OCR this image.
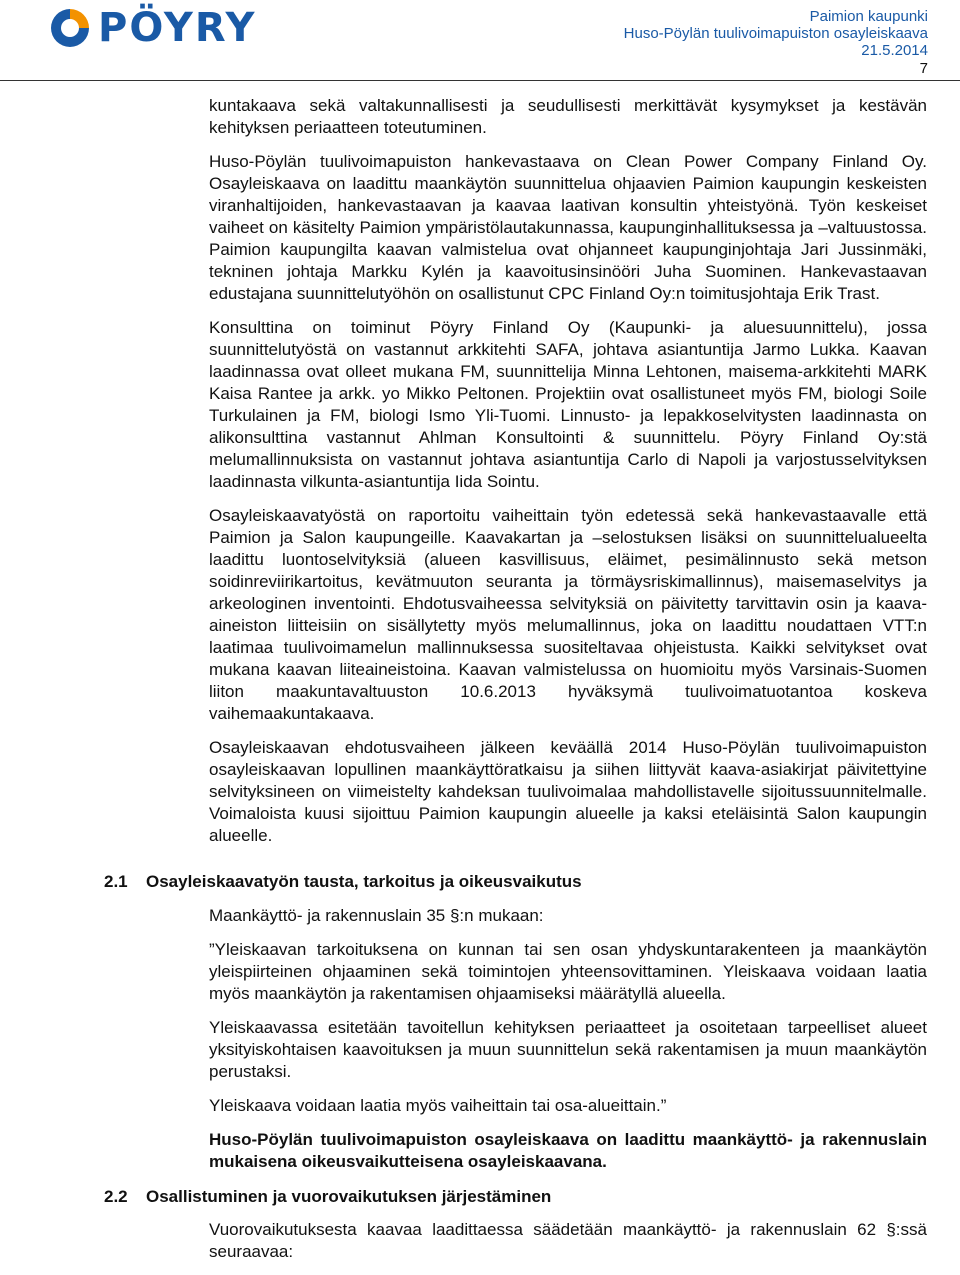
PÖYRY	Paimion kaupunki
Huso-Pöylän tuulivoimapuiston osayleiskaava
21.5.2014
7

kuntakaava sekä valtakunnallisesti ja seudullisesti merkittävät kysymykset ja kestävän kehityksen periaatteen toteutuminen.

Huso-Pöylän tuulivoimapuiston hankevastaava on Clean Power Company Finland Oy. Osayleiskaava on laadittu maankäytön suunnittelua ohjaavien Paimion kaupungin keskeisten viranhaltijoiden, hankevastaavan ja kaavaa laativan konsultin yhteistyönä. Työn keskeiset vaiheet on käsitelty Paimion ympäristölautakunnassa, kaupunginhallituksessa ja –valtuustossa. Paimion kaupungilta kaavan valmistelua ovat ohjanneet kaupunginjohtaja Jari Jussinmäki, tekninen johtaja Markku Kylén ja kaavoitusinsinööri Juha Suominen. Hankevastaavan edustajana suunnittelutyöhön on osallistunut CPC Finland Oy:n toimitusjohtaja Erik Trast.

Konsulttina on toiminut Pöyry Finland Oy (Kaupunki- ja aluesuunnittelu), jossa suunnittelutyöstä on vastannut arkkitehti SAFA, johtava asiantuntija Jarmo Lukka. Kaavan laadinnassa ovat olleet mukana FM, suunnittelija Minna Lehtonen, maisema-arkkitehti MARK Kaisa Rantee ja arkk. yo Mikko Peltonen. Projektiin ovat osallistuneet myös FM, biologi Soile Turkulainen ja FM, biologi Ismo Yli-Tuomi. Linnusto- ja lepakkoselvitysten laadinnasta on alikonsulttina vastannut Ahlman Konsultointi & suunnittelu. Pöyry Finland Oy:stä melumallinnuksista on vastannut johtava asiantuntija Carlo di Napoli ja varjostusselvityksen laadinnasta vilkunta-asiantuntija Iida Sointu.

Osayleiskaavatyöstä on raportoitu vaiheittain työn edetessä sekä hankevastaavalle että Paimion ja Salon kaupungeille. Kaavakartan ja –selostuksen lisäksi on suunnittelualueelta laadittu luontoselvityksiä (alueen kasvillisuus, eläimet, pesimälinnusto sekä metson soidinreviirikartoitus, kevätmuuton seuranta ja törmäysriskimallinnus), maisemaselvitys ja arkeologinen inventointi. Ehdotusvaiheessa selvityksiä on päivitetty tarvittavin osin ja kaava-aineiston liitteisiin on sisällytetty myös melumallinnus, joka on laadittu noudattaen VTT:n laatimaa tuulivoimamelun mallinnuksessa suositeltavaa ohjeistusta. Kaikki selvitykset ovat mukana kaavan liiteaineistoina. Kaavan valmistelussa on huomioitu myös Varsinais-Suomen liiton maakuntavaltuuston 10.6.2013 hyväksymä tuulivoimatuotantoa koskeva vaihemaakuntakaava.

Osayleiskaavan ehdotusvaiheen jälkeen keväällä 2014 Huso-Pöylän tuulivoimapuiston osayleiskaavan lopullinen maankäyttöratkaisu ja siihen liittyvät kaava-asiakirjat päivitettyine selvityksineen on viimeistelty kahdeksan tuulivoimalaa mahdollistavelle sijoitussuunnitelmalle. Voimaloista kuusi sijoittuu Paimion kaupungin alueelle ja kaksi eteläisintä Salon kaupungin alueelle.

2.1 Osayleiskaavatyön tausta, tarkoitus ja oikeusvaikutus

Maankäyttö- ja rakennuslain 35 §:n mukaan:

”Yleiskaavan tarkoituksena on kunnan tai sen osan yhdyskuntarakenteen ja maankäytön yleispiirteinen ohjaaminen sekä toimintojen yhteensovittaminen. Yleiskaava voidaan laatia myös maankäytön ja rakentamisen ohjaamiseksi määrätyllä alueella.

Yleiskaavassa esitetään tavoitellun kehityksen periaatteet ja osoitetaan tarpeelliset alueet yksityiskohtaisen kaavoituksen ja muun suunnittelun sekä rakentamisen ja muun maankäytön perustaksi.

Yleiskaava voidaan laatia myös vaiheittain tai osa-alueittain.”

Huso-Pöylän tuulivoimapuiston osayleiskaava on laadittu maankäyttö- ja rakennuslain mukaisena oikeusvaikutteisena osayleiskaavana.

2.2 Osallistuminen ja vuorovaikutuksen järjestäminen

Vuorovaikutuksesta kaavaa laadittaessa säädetään maankäyttö- ja rakennuslain 62 §:ssä seuraavaa:
